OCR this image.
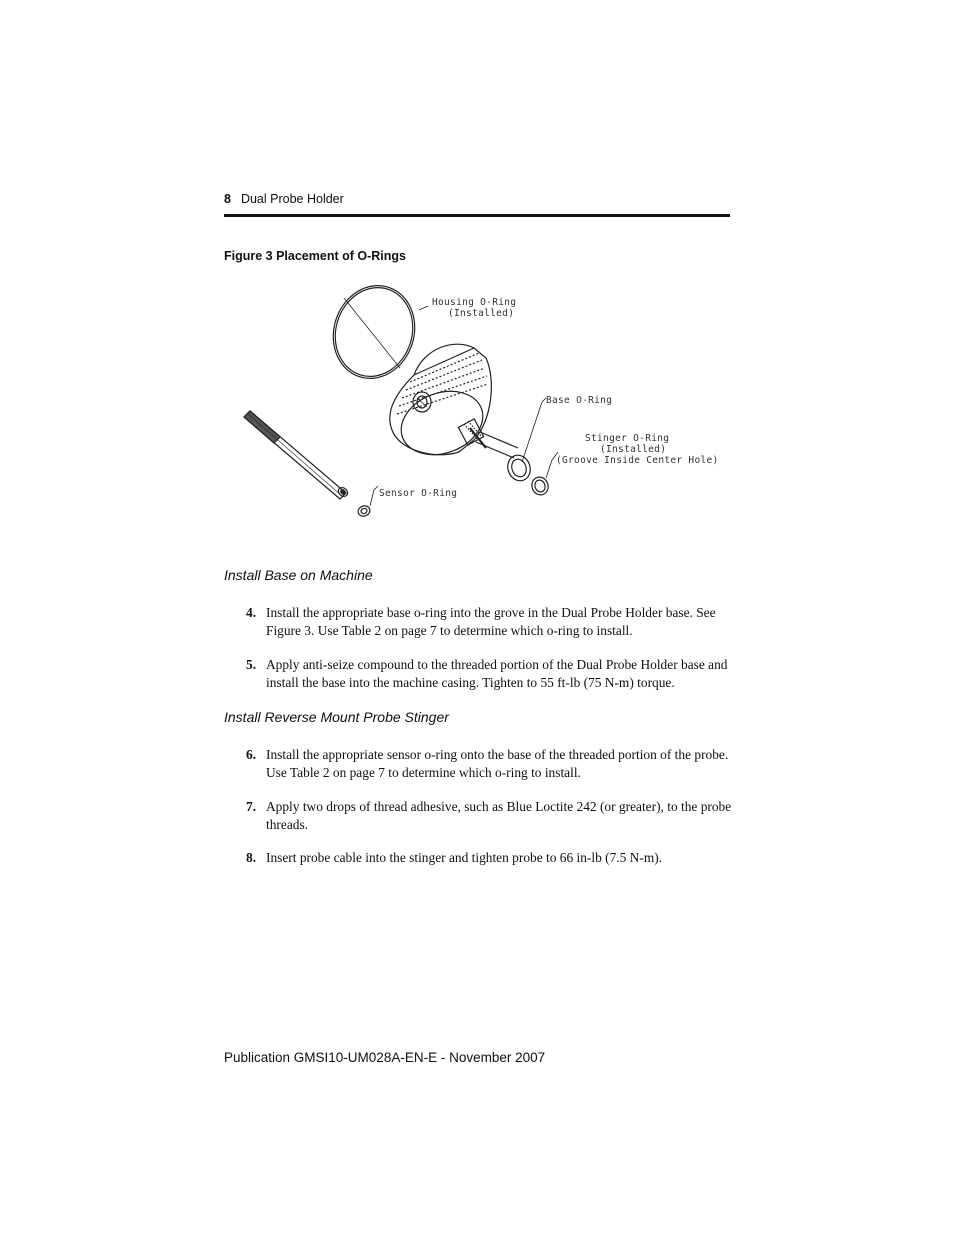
8 Dual Probe Holder
Figure 3 Placement of O-Rings
Housing O-Ring
(Installed)
Base O-Ring
Stinger O-Ring
(Installed)
(Groove Inside Center Hole)
Sensor O-Ring
Install Base on Machine
4. Install the appropriate base o-ring into the grove in the Dual Probe Holder base. See Figure 3. Use Table 2 on page 7 to determine which o-ring to install.
5. Apply anti-seize compound to the threaded portion of the Dual Probe Holder base and install the base into the machine casing. Tighten to 55 ft-lb (75 N-m) torque.
Install Reverse Mount Probe Stinger
6. Install the appropriate sensor o-ring onto the base of the threaded portion of the probe. Use Table 2 on page 7 to determine which o-ring to install.
7. Apply two drops of thread adhesive, such as Blue Loctite 242 (or greater), to the probe threads.
8. Insert probe cable into the stinger and tighten probe to 66 in-lb (7.5 N-m).
Publication GMSI10-UM028A-EN-E - November 2007
